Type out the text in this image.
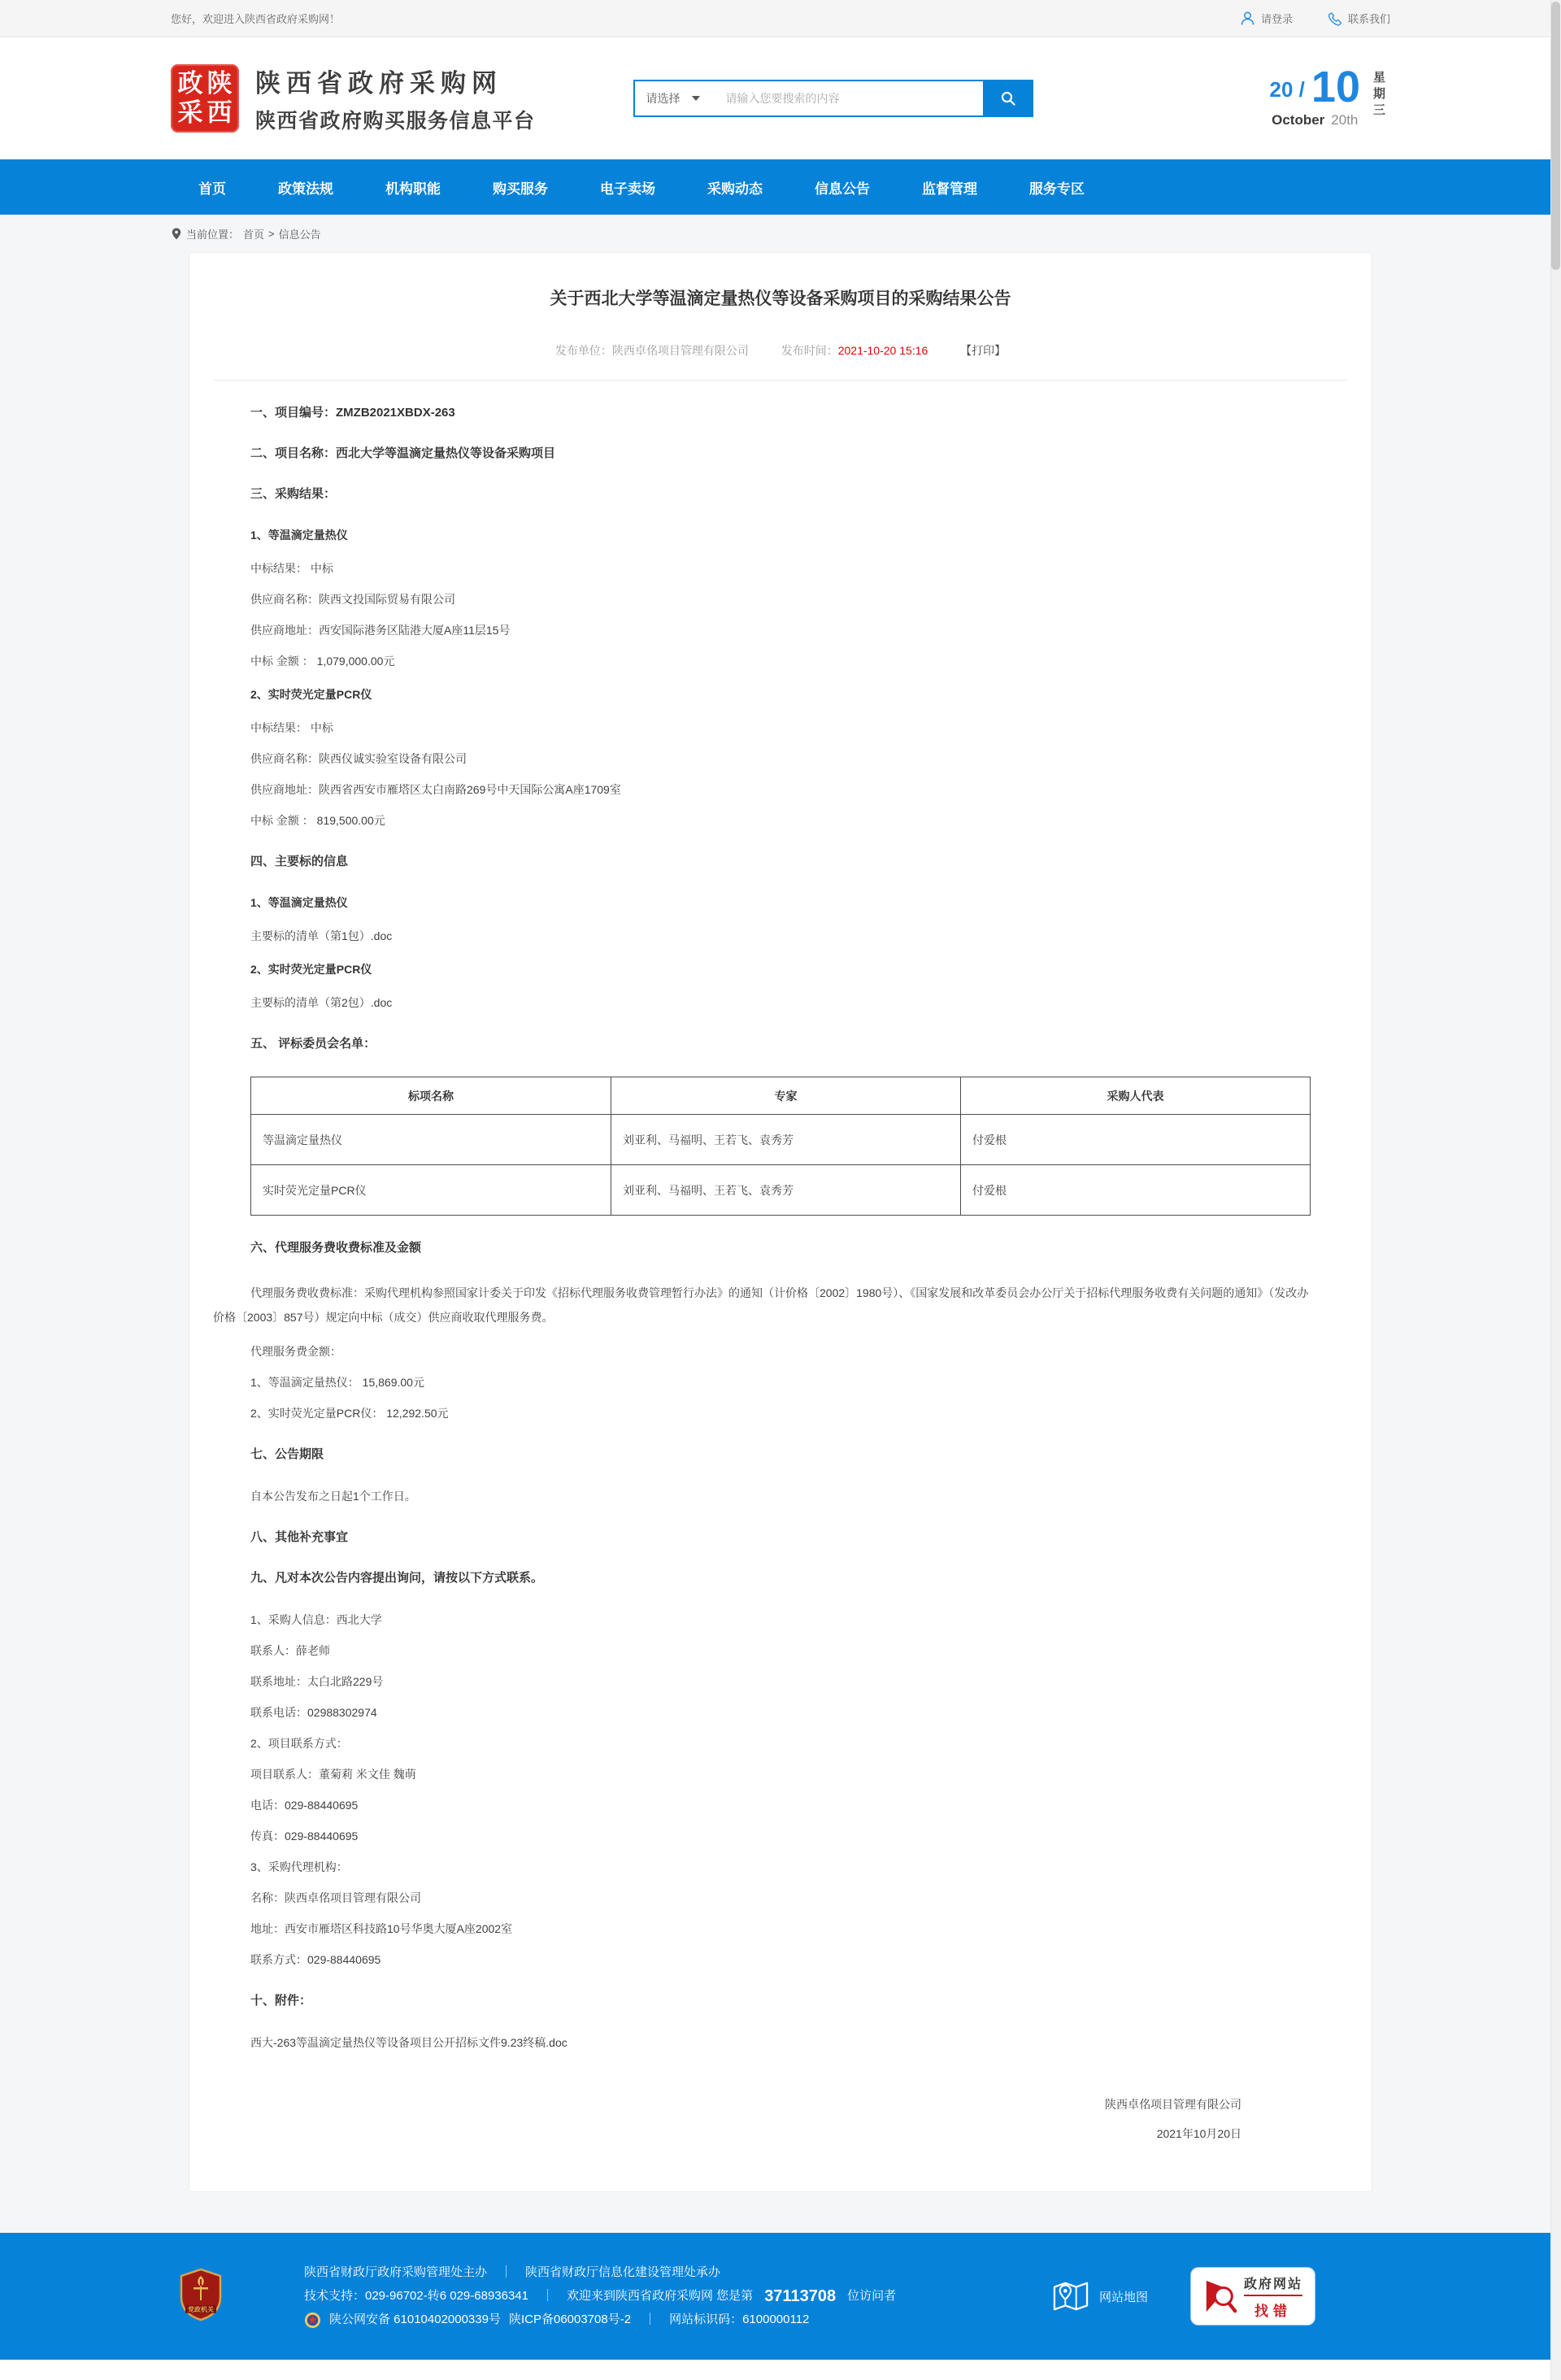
您好，欢迎进入陕西省政府采购网！	请登录	联系我们
政 陕
采 西
陕西省政府采购网
陕西省政府购买服务信息平台
请选择
请输入您要搜索的内容	20 / 10
October 20th
星
期
三
首页	政策法规	机构职能	购买服务	电子卖场	采购动态	信息公告	监督管理	服务专区
当前位置： 首页 > 信息公告
关于西北大学等温滴定量热仪等设备采购项目的采购结果公告
发布单位：陕西卓佲项目管理有限公司	发布时间：2021-10-20 15:16	【打印】

一、项目编号：ZMZB2021XBDX-263

二、项目名称：西北大学等温滴定量热仪等设备采购项目

三、采购结果：

1、等温滴定量热仪

中标结果： 中标

供应商名称：陕西文投国际贸易有限公司

供应商地址：西安国际港务区陆港大厦A座11层15号

中标 金额 ： 1,079,000.00元

2、实时荧光定量PCR仪

中标结果： 中标

供应商名称：陕西仪诚实验室设备有限公司

供应商地址：陕西省西安市雁塔区太白南路269号中天国际公寓A座1709室

中标 金额 ： 819,500.00元

四、主要标的信息

1、等温滴定量热仪

主要标的清单（第1包）.doc

2、实时荧光定量PCR仪

主要标的清单（第2包）.doc

五、 评标委员会名单：

标项名称	专家	采购人代表
等温滴定量热仪	刘亚利、马福明、王若飞、袁秀芳	付爱根
实时荧光定量PCR仪	刘亚利、马福明、王若飞、袁秀芳	付爱根

六、代理服务费收费标准及金额

代理服务费收费标准：采购代理机构参照国家计委关于印发《招标代理服务收费管理暂行办法》的通知（计价格〔2002〕1980号）、《国家发展和改革委员会办公厅关于招标代理服务收费有关问题的通知》（发改办价格〔2003〕857号）规定向中标（成交）供应商收取代理服务费。

代理服务费金额：

1、等温滴定量热仪： 15,869.00元

2、实时荧光定量PCR仪： 12,292.50元

七、公告期限

自本公告发布之日起1个工作日。

八、其他补充事宜

九、凡对本次公告内容提出询问，请按以下方式联系。

1、采购人信息：西北大学

联系人：薛老师

联系地址：太白北路229号

联系电话：02988302974

2、项目联系方式：

项目联系人：董菊莉 米文佳 魏萌

电话：029-88440695

传真：029-88440695

3、采购代理机构：

名称：陕西卓佲项目管理有限公司

地址：西安市雁塔区科技路10号华奥大厦A座2002室

联系方式：029-88440695

十、附件：

西大-263等温滴定量热仪等设备项目公开招标文件9.23终稿.doc

陕西卓佲项目管理有限公司
2021年10月20日
党政机关
陕西省财政厅政府采购管理处主办 ｜ 陕西省财政厅信息化建设管理处承办
技术支持：029-96702-转6 029-68936341 ｜ 欢迎来到陕西省政府采购网 您是第 37113708 位访问者
陕公网安备 61010402000339号 陕ICP备06003708号-2 ｜ 网站标识码：6100000112
网站地图
政府网站
找错
